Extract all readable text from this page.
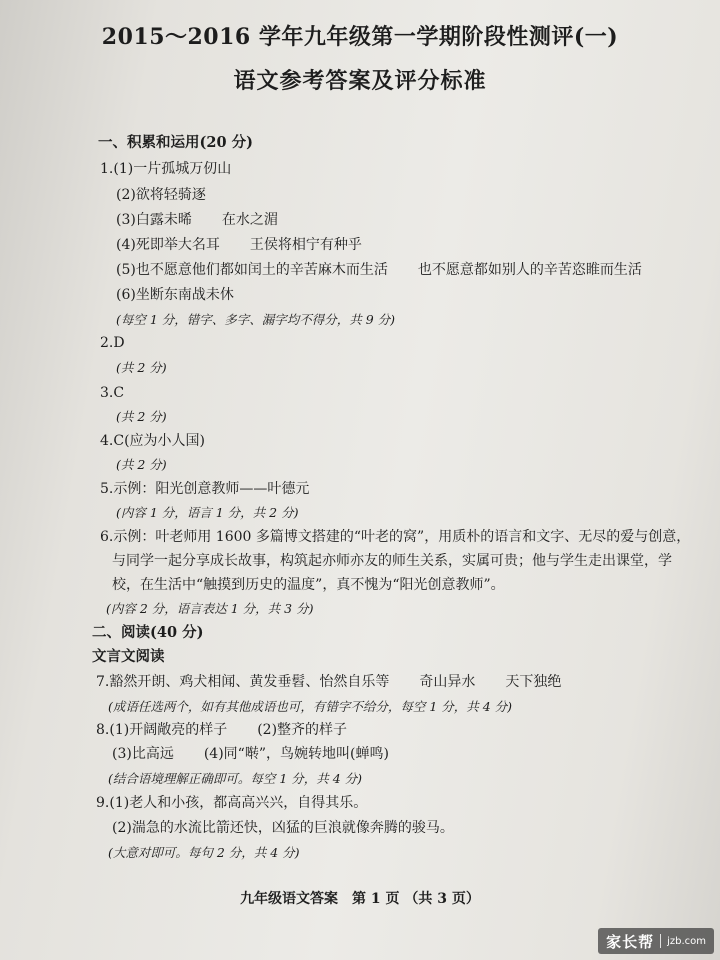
2015～2016 学年九年级第一学期阶段性测评(一)
语文参考答案及评分标准
一、积累和运用(20 分)
1.(1)一片孤城万仞山
(2)欲将轻骑逐
(3)白露未晞 在水之湄
(4)死即举大名耳 王侯将相宁有种乎
(5)也不愿意他们都如闰土的辛苦麻木而生活 也不愿意都如别人的辛苦恣睢而生活
(6)坐断东南战未休
(每空 1 分，错字、多字、漏字均不得分，共 9 分)
2.D
(共 2 分)
3.C
(共 2 分)
4.C(应为小人国)
(共 2 分)
5.示例：阳光创意教师——叶德元
(内容 1 分，语言 1 分，共 2 分)
6.示例：叶老师用 1600 多篇博文搭建的“叶老的窝”，用质朴的语言和文字、无尽的爱与创意，
与同学一起分享成长故事，构筑起亦师亦友的师生关系，实属可贵；他与学生走出课堂，学
校，在生活中“触摸到历史的温度”，真不愧为“阳光创意教师”。
(内容 2 分，语言表达 1 分，共 3 分)
二、阅读(40 分)
文言文阅读
7.豁然开朗、鸡犬相闻、黄发垂髫、怡然自乐等 奇山异水 天下独绝
(成语任选两个，如有其他成语也可，有错字不给分，每空 1 分，共 4 分)
8.(1)开阔敞亮的样子 (2)整齐的样子
(3)比高远 (4)同“啭”，鸟婉转地叫(蝉鸣)
(结合语境理解正确即可。每空 1 分，共 4 分)
9.(1)老人和小孩，都高高兴兴，自得其乐。
(2)湍急的水流比箭还快，凶猛的巨浪就像奔腾的骏马。
(大意对即可。每句 2 分，共 4 分)
九年级语文答案　第 1 页 （共 3 页）
家长帮 jzb.com
